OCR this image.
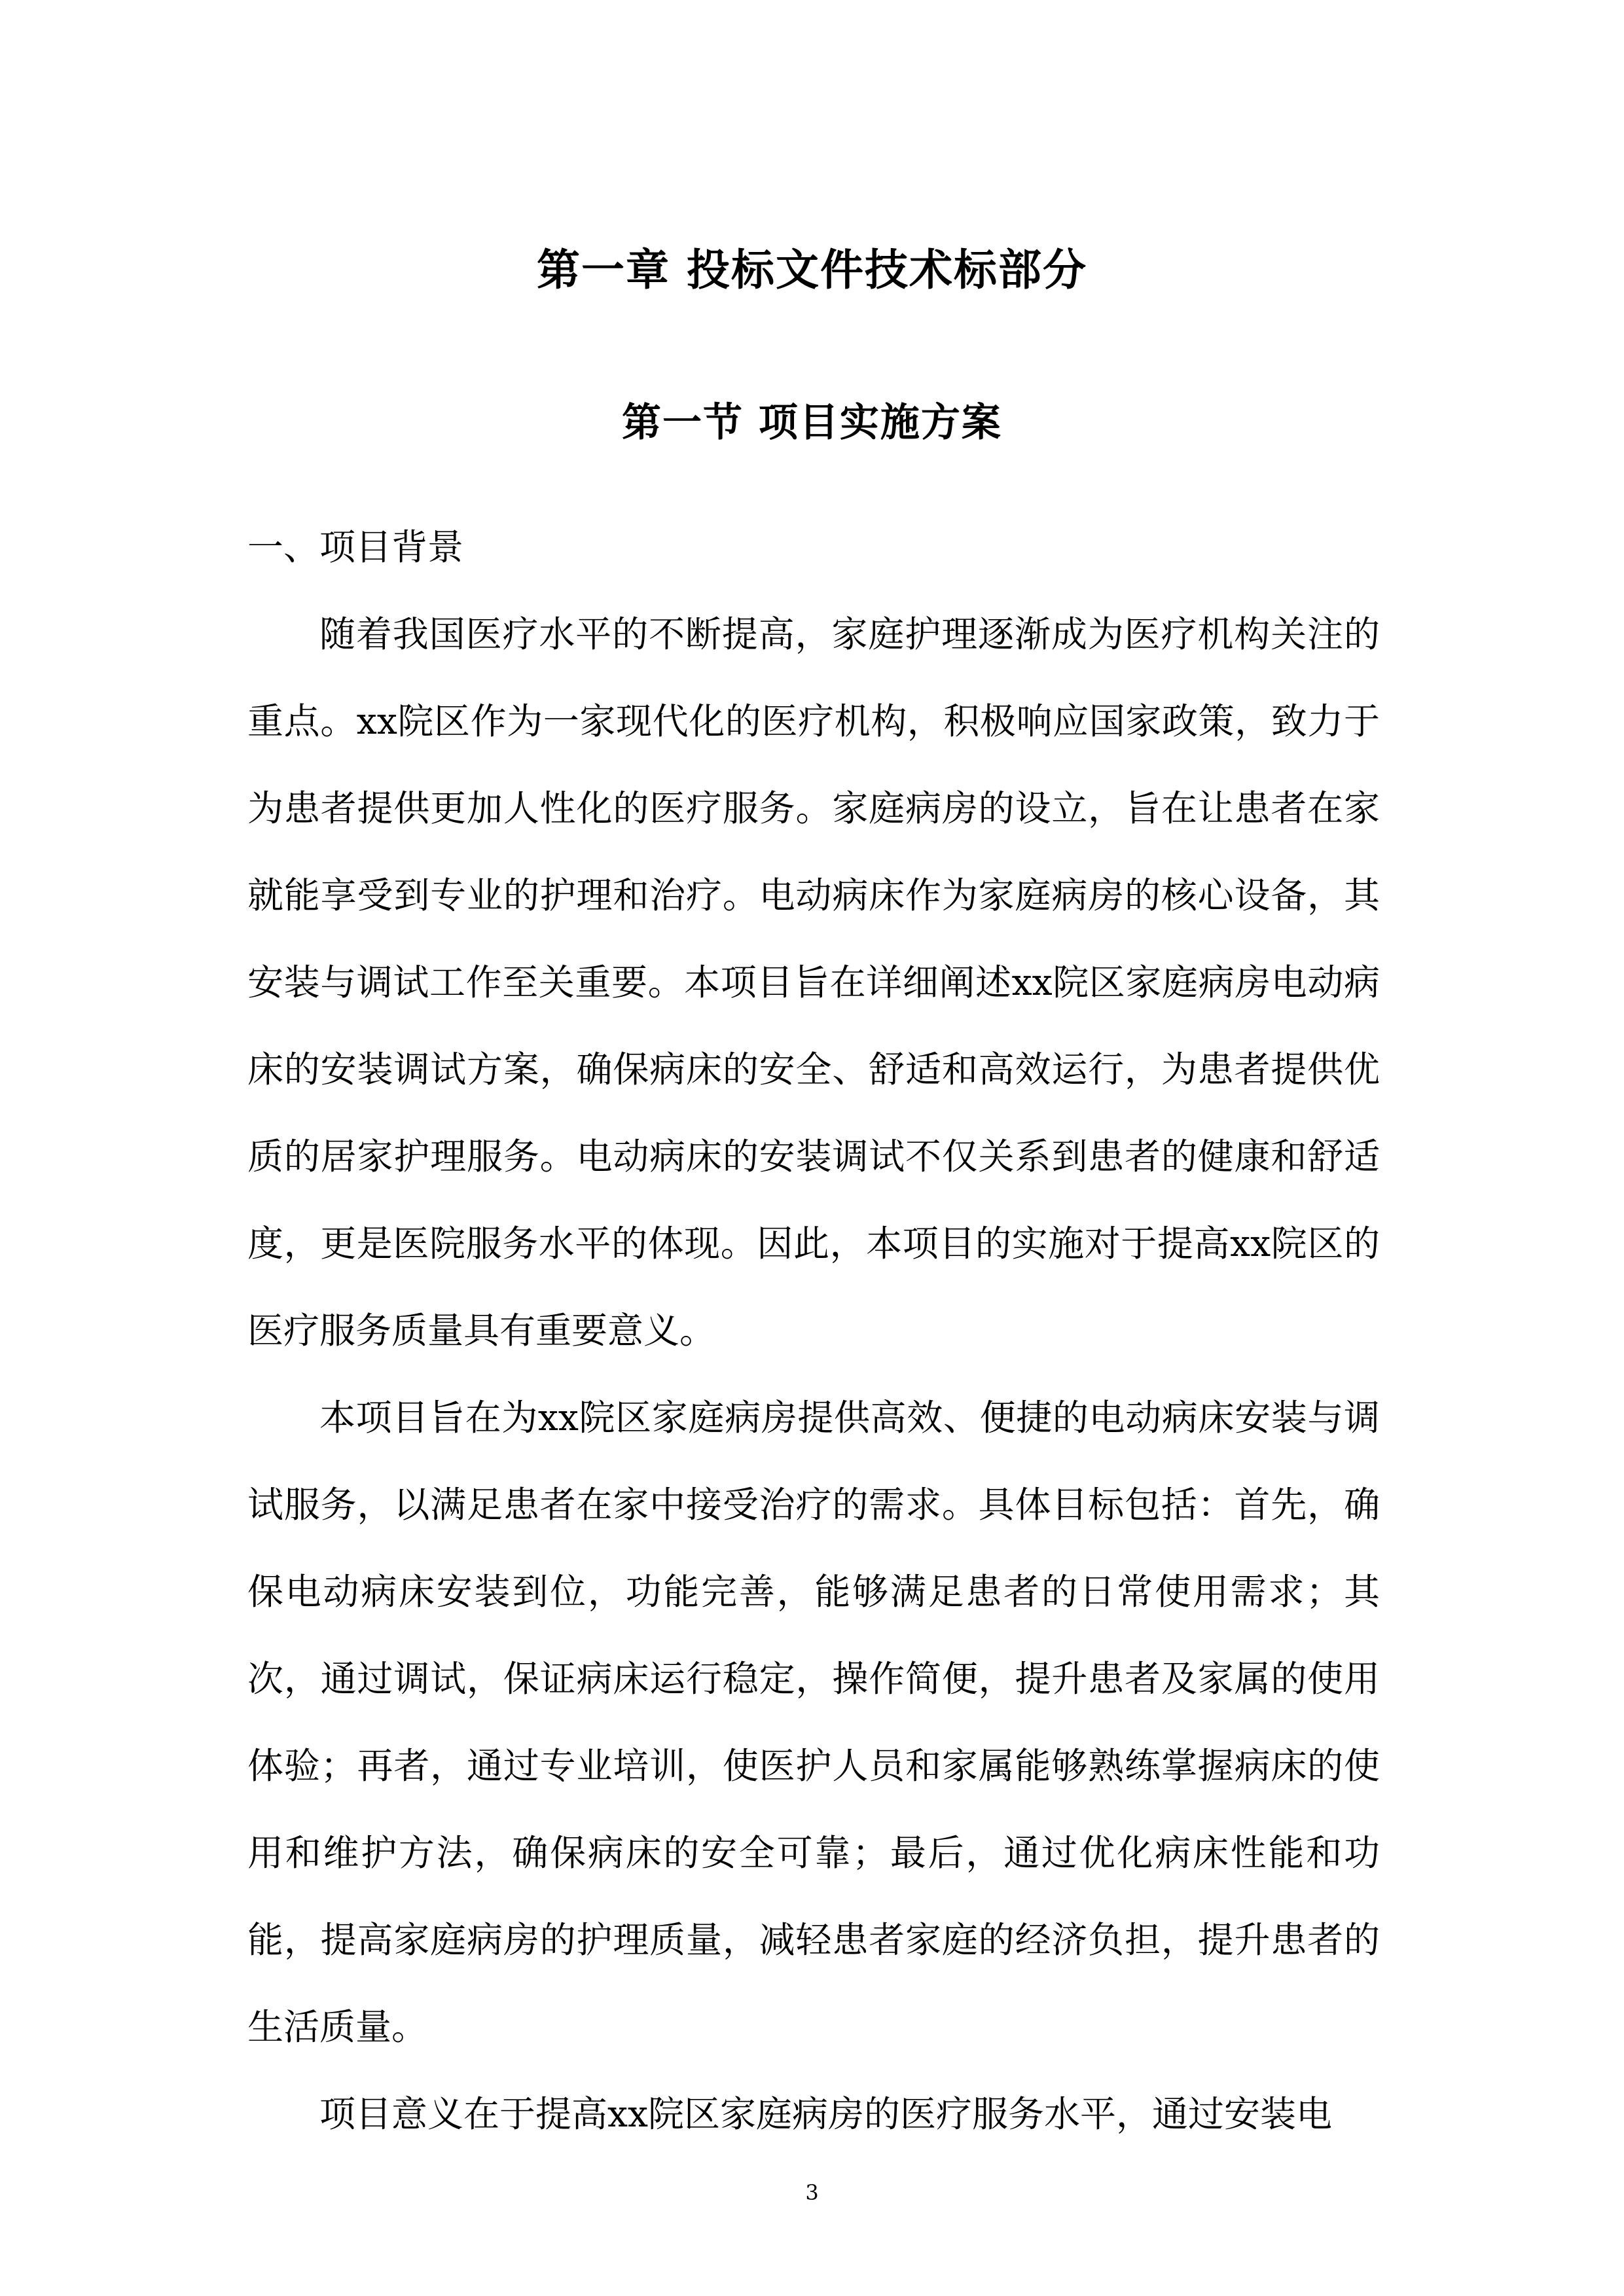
第一章 投标文件技术标部分
第一节 项目实施方案
一、项目背景

随着我国医疗水平的不断提高，家庭护理逐渐成为医疗机构关注的重点。xx院区作为一家现代化的医疗机构，积极响应国家政策，致力于为患者提供更加人性化的医疗服务。家庭病房的设立，旨在让患者在家就能享受到专业的护理和治疗。电动病床作为家庭病房的核心设备，其安装与调试工作至关重要。本项目旨在详细阐述xx院区家庭病房电动病床的安装调试方案，确保病床的安全、舒适和高效运行，为患者提供优质的居家护理服务。电动病床的安装调试不仅关系到患者的健康和舒适度，更是医院服务水平的体现。因此，本项目的实施对于提高xx院区的医疗服务质量具有重要意义。

本项目旨在为xx院区家庭病房提供高效、便捷的电动病床安装与调试服务，以满足患者在家中接受治疗的需求。具体目标包括：首先，确保电动病床安装到位，功能完善，能够满足患者的日常使用需求；其次，通过调试，保证病床运行稳定，操作简便，提升患者及家属的使用体验；再者，通过专业培训，使医护人员和家属能够熟练掌握病床的使用和维护方法，确保病床的安全可靠；最后，通过优化病床性能和功能，提高家庭病房的护理质量，减轻患者家庭的经济负担，提升患者的生活质量。

项目意义在于提高xx院区家庭病房的医疗服务水平，通过安装电

3
